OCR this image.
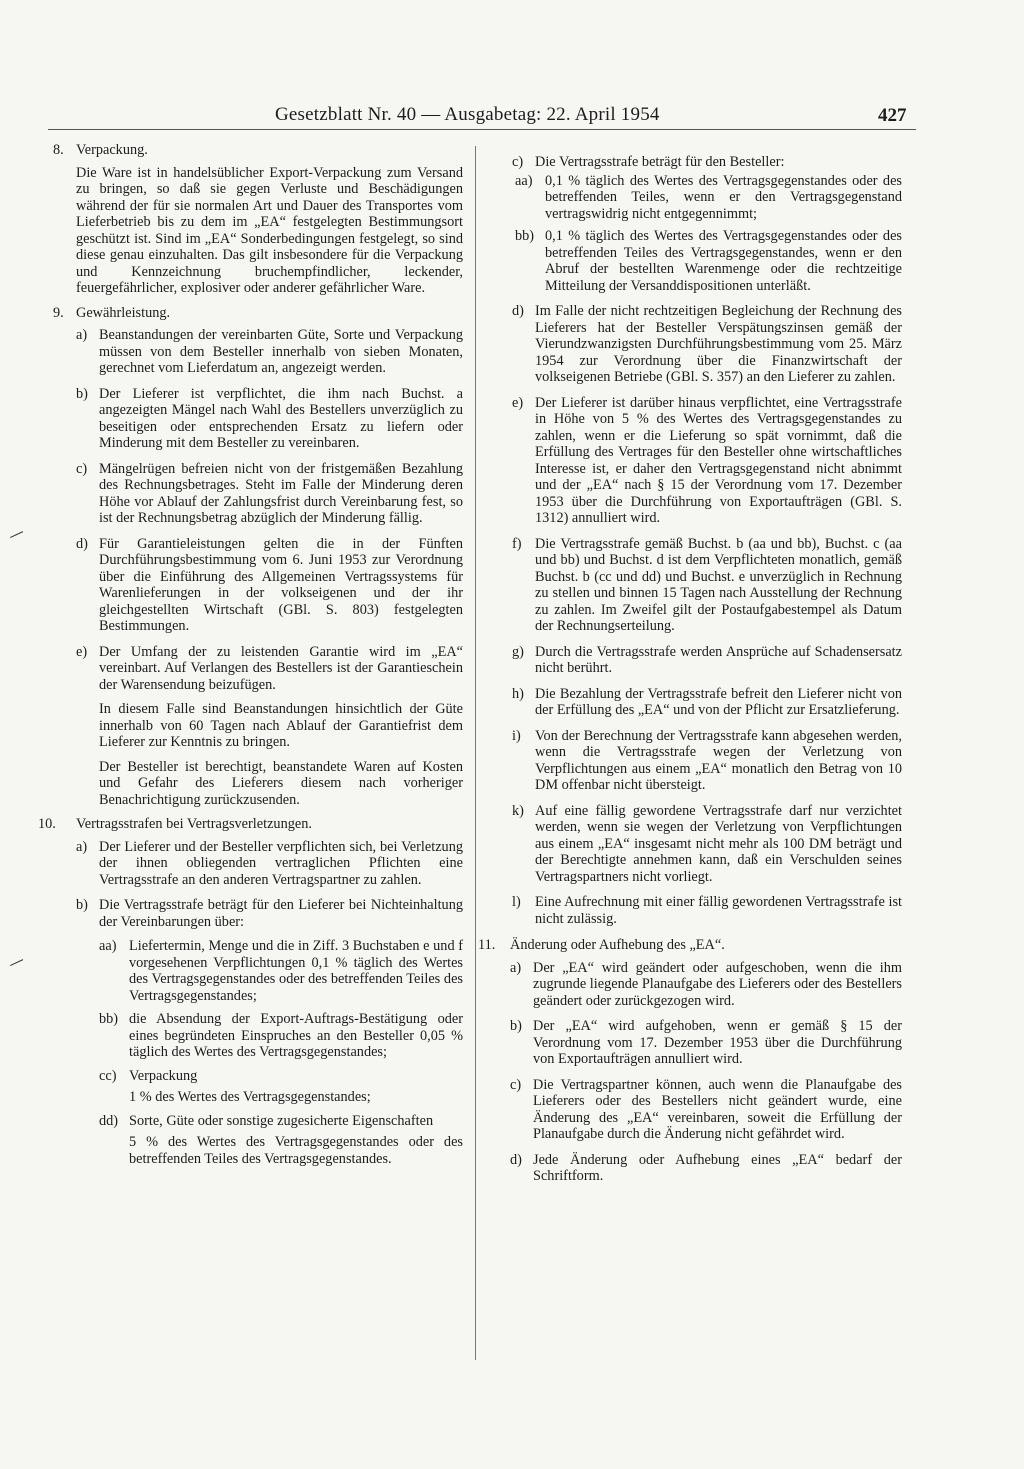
Gesetzblatt Nr. 40 — Ausgabetag: 22. April 1954	427
8. Verpackung.
Die Ware ist in handelsüblicher Export-Verpackung zum Versand zu bringen, so daß sie gegen Verluste und Beschädigungen während der für sie normalen Art und Dauer des Transportes vom Lieferbetrieb bis zu dem im „EA“ festgelegten Bestimmungsort geschützt ist. Sind im „EA“ Sonderbedingungen festgelegt, so sind diese genau einzuhalten. Das gilt insbesondere für die Verpackung und Kennzeichnung bruchempfindlicher, leckender, feuergefährlicher, explosiver oder anderer gefährlicher Ware.
9. Gewährleistung.
a) Beanstandungen der vereinbarten Güte, Sorte und Verpackung müssen von dem Besteller innerhalb von sieben Monaten, gerechnet vom Lieferdatum an, angezeigt werden.
b) Der Lieferer ist verpflichtet, die ihm nach Buchst. a angezeigten Mängel nach Wahl des Bestellers unverzüglich zu beseitigen oder entsprechenden Ersatz zu liefern oder Minderung mit dem Besteller zu vereinbaren.
c) Mängelrügen befreien nicht von der fristgemäßen Bezahlung des Rechnungsbetrages. Steht im Falle der Minderung deren Höhe vor Ablauf der Zahlungsfrist durch Vereinbarung fest, so ist der Rechnungsbetrag abzüglich der Minderung fällig.
d) Für Garantieleistungen gelten die in der Fünften Durchführungsbestimmung vom 6. Juni 1953 zur Verordnung über die Einführung des Allgemeinen Vertragssystems für Warenlieferungen in der volkseigenen und der ihr gleichgestellten Wirtschaft (GBl. S. 803) festgelegten Bestimmungen.
e) Der Umfang der zu leistenden Garantie wird im „EA“ vereinbart. Auf Verlangen des Bestellers ist der Garantieschein der Warensendung beizufügen.
In diesem Falle sind Beanstandungen hinsichtlich der Güte innerhalb von 60 Tagen nach Ablauf der Garantiefrist dem Lieferer zur Kenntnis zu bringen.
Der Besteller ist berechtigt, beanstandete Waren auf Kosten und Gefahr des Lieferers diesem nach vorheriger Benachrichtigung zurückzusenden.
10. Vertragsstrafen bei Vertragsverletzungen.
a) Der Lieferer und der Besteller verpflichten sich, bei Verletzung der ihnen obliegenden vertraglichen Pflichten eine Vertragsstrafe an den anderen Vertragspartner zu zahlen.
b) Die Vertragsstrafe beträgt für den Lieferer bei Nichteinhaltung der Vereinbarungen über:
aa) Liefertermin, Menge und die in Ziff. 3 Buchstaben e und f vorgesehenen Verpflichtungen 0,1 % täglich des Wertes des Vertragsgegenstandes oder des betreffenden Teiles des Vertragsgegenstandes;
bb) die Absendung der Export-Auftrags-Bestätigung oder eines begründeten Einspruches an den Besteller 0,05 % täglich des Wertes des Vertragsgegenstandes;
cc) Verpackung
1 % des Wertes des Vertragsgegenstandes;
dd) Sorte, Güte oder sonstige zugesicherte Eigenschaften
5 % des Wertes des Vertragsgegenstandes oder des betreffenden Teiles des Vertragsgegenstandes.
c) Die Vertragsstrafe beträgt für den Besteller:
aa) 0,1 % täglich des Wertes des Vertragsgegenstandes oder des betreffenden Teiles, wenn er den Vertragsgegenstand vertragswidrig nicht entgegennimmt;
bb) 0,1 % täglich des Wertes des Vertragsgegenstandes oder des betreffenden Teiles des Vertragsgegenstandes, wenn er den Abruf der bestellten Warenmenge oder die rechtzeitige Mitteilung der Versanddispositionen unterläßt.
d) Im Falle der nicht rechtzeitigen Begleichung der Rechnung des Lieferers hat der Besteller Verspätungszinsen gemäß der Vierundzwanzigsten Durchführungsbestimmung vom 25. März 1954 zur Verordnung über die Finanzwirtschaft der volkseigenen Betriebe (GBl. S. 357) an den Lieferer zu zahlen.
e) Der Lieferer ist darüber hinaus verpflichtet, eine Vertragsstrafe in Höhe von 5 % des Wertes des Vertragsgegenstandes zu zahlen, wenn er die Lieferung so spät vornimmt, daß die Erfüllung des Vertrages für den Besteller ohne wirtschaftliches Interesse ist, er daher den Vertragsgegenstand nicht abnimmt und der „EA“ nach § 15 der Verordnung vom 17. Dezember 1953 über die Durchführung von Exportaufträgen (GBl. S. 1312) annulliert wird.
f) Die Vertragsstrafe gemäß Buchst. b (aa und bb), Buchst. c (aa und bb) und Buchst. d ist dem Verpflichteten monatlich, gemäß Buchst. b (cc und dd) und Buchst. e unverzüglich in Rechnung zu stellen und binnen 15 Tagen nach Ausstellung der Rechnung zu zahlen. Im Zweifel gilt der Postaufgabestempel als Datum der Rechnungserteilung.
g) Durch die Vertragsstrafe werden Ansprüche auf Schadensersatz nicht berührt.
h) Die Bezahlung der Vertragsstrafe befreit den Lieferer nicht von der Erfüllung des „EA“ und von der Pflicht zur Ersatzlieferung.
i) Von der Berechnung der Vertragsstrafe kann abgesehen werden, wenn die Vertragsstrafe wegen der Verletzung von Verpflichtungen aus einem „EA“ monatlich den Betrag von 10 DM offenbar nicht übersteigt.
k) Auf eine fällig gewordene Vertragsstrafe darf nur verzichtet werden, wenn sie wegen der Verletzung von Verpflichtungen aus einem „EA“ insgesamt nicht mehr als 100 DM beträgt und der Berechtigte annehmen kann, daß ein Verschulden seines Vertragspartners nicht vorliegt.
l) Eine Aufrechnung mit einer fällig gewordenen Vertragsstrafe ist nicht zulässig.
11. Änderung oder Aufhebung des „EA“.
a) Der „EA“ wird geändert oder aufgeschoben, wenn die ihm zugrunde liegende Planaufgabe des Lieferers oder des Bestellers geändert oder zurückgezogen wird.
b) Der „EA“ wird aufgehoben, wenn er gemäß § 15 der Verordnung vom 17. Dezember 1953 über die Durchführung von Exportaufträgen annulliert wird.
c) Die Vertragspartner können, auch wenn die Planaufgabe des Lieferers oder des Bestellers nicht geändert wurde, eine Änderung des „EA“ vereinbaren, soweit die Erfüllung der Planaufgabe durch die Änderung nicht gefährdet wird.
d) Jede Änderung oder Aufhebung eines „EA“ bedarf der Schriftform.
